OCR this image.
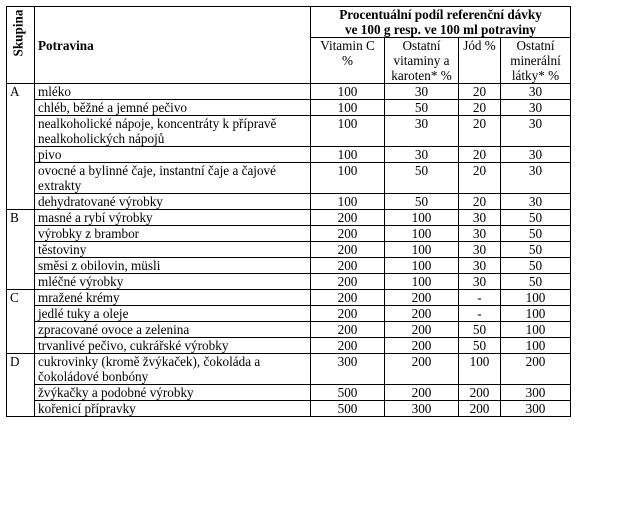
Skupina	Potravina	Procentuální podíl referenční dávky
ve 100 g resp. ve 100 ml potraviny			
		Vitamin C %	Ostatní vitaminy a karoten* %	Jód %	Ostatní minerální látky* %
A	mléko	100	30	20	30
	chléb, běžné a jemné pečivo	100	50	20	30
	nealkoholické nápoje, koncentráty k přípravě nealkoholických nápojů	100	30	20	30
	pivo	100	30	20	30
	ovocné a bylinné čaje, instantní čaje a čajové extrakty	100	50	20	30
	dehydratované výrobky	100	50	20	30
B	masné a rybí výrobky	200	100	30	50
	výrobky z brambor	200	100	30	50
	těstoviny	200	100	30	50
	směsi z obilovin, müsli	200	100	30	50
	mléčné výrobky	200	100	30	50
C	mražené krémy	200	200	-	100
	jedlé tuky a oleje	200	200	-	100
	zpracované ovoce a zelenina	200	200	50	100
	trvanlivé pečivo, cukrářské výrobky	200	200	50	100
D	cukrovinky (kromě žvýkaček), čokoláda a čokoládové bonbóny	300	200	100	200
	žvýkačky a podobné výrobky	500	200	200	300
	kořenicí přípravky	500	300	200	300
